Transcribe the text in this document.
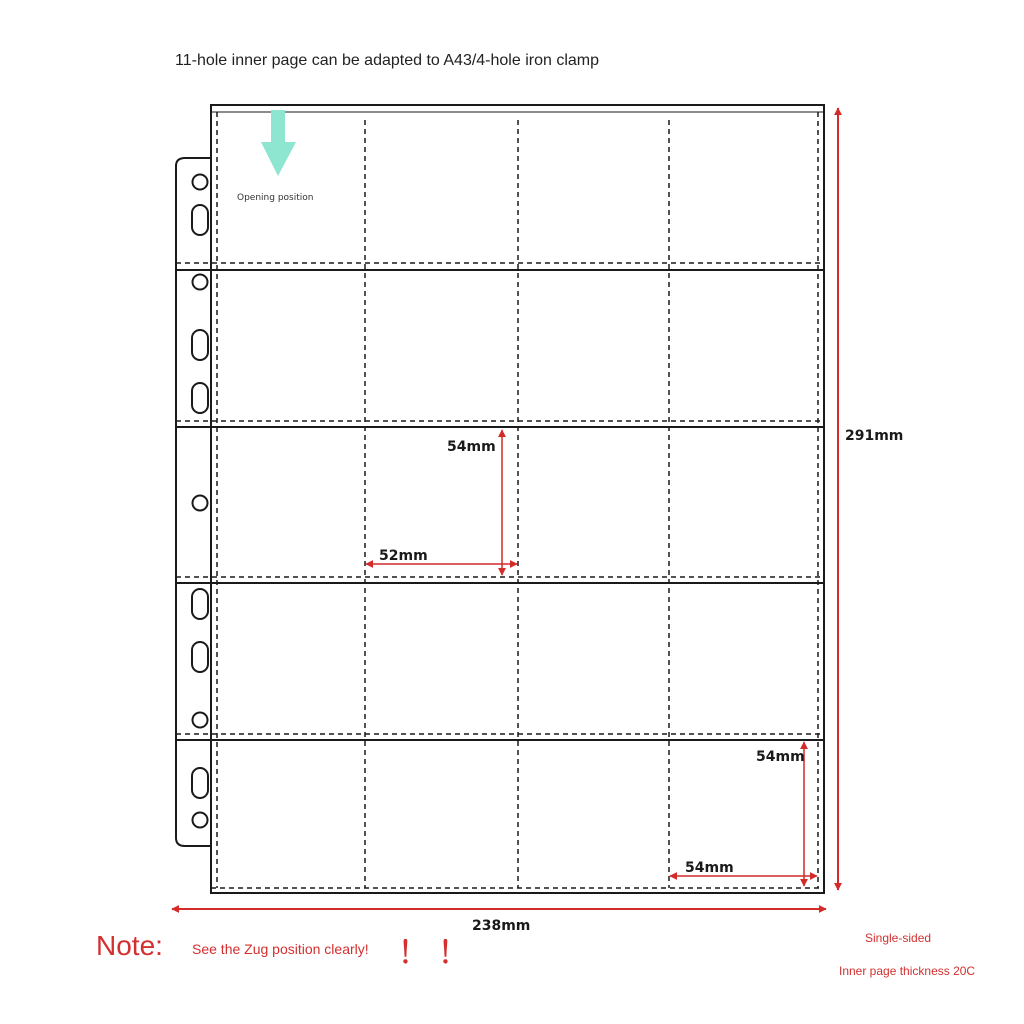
11-hole inner page can be adapted to A43/4-hole iron clamp
Opening position
291mm
238mm
54mm
52mm
54mm
54mm
Note: See the Zug position clearly! ！！	Single-sided
Inner page thickness 20C
